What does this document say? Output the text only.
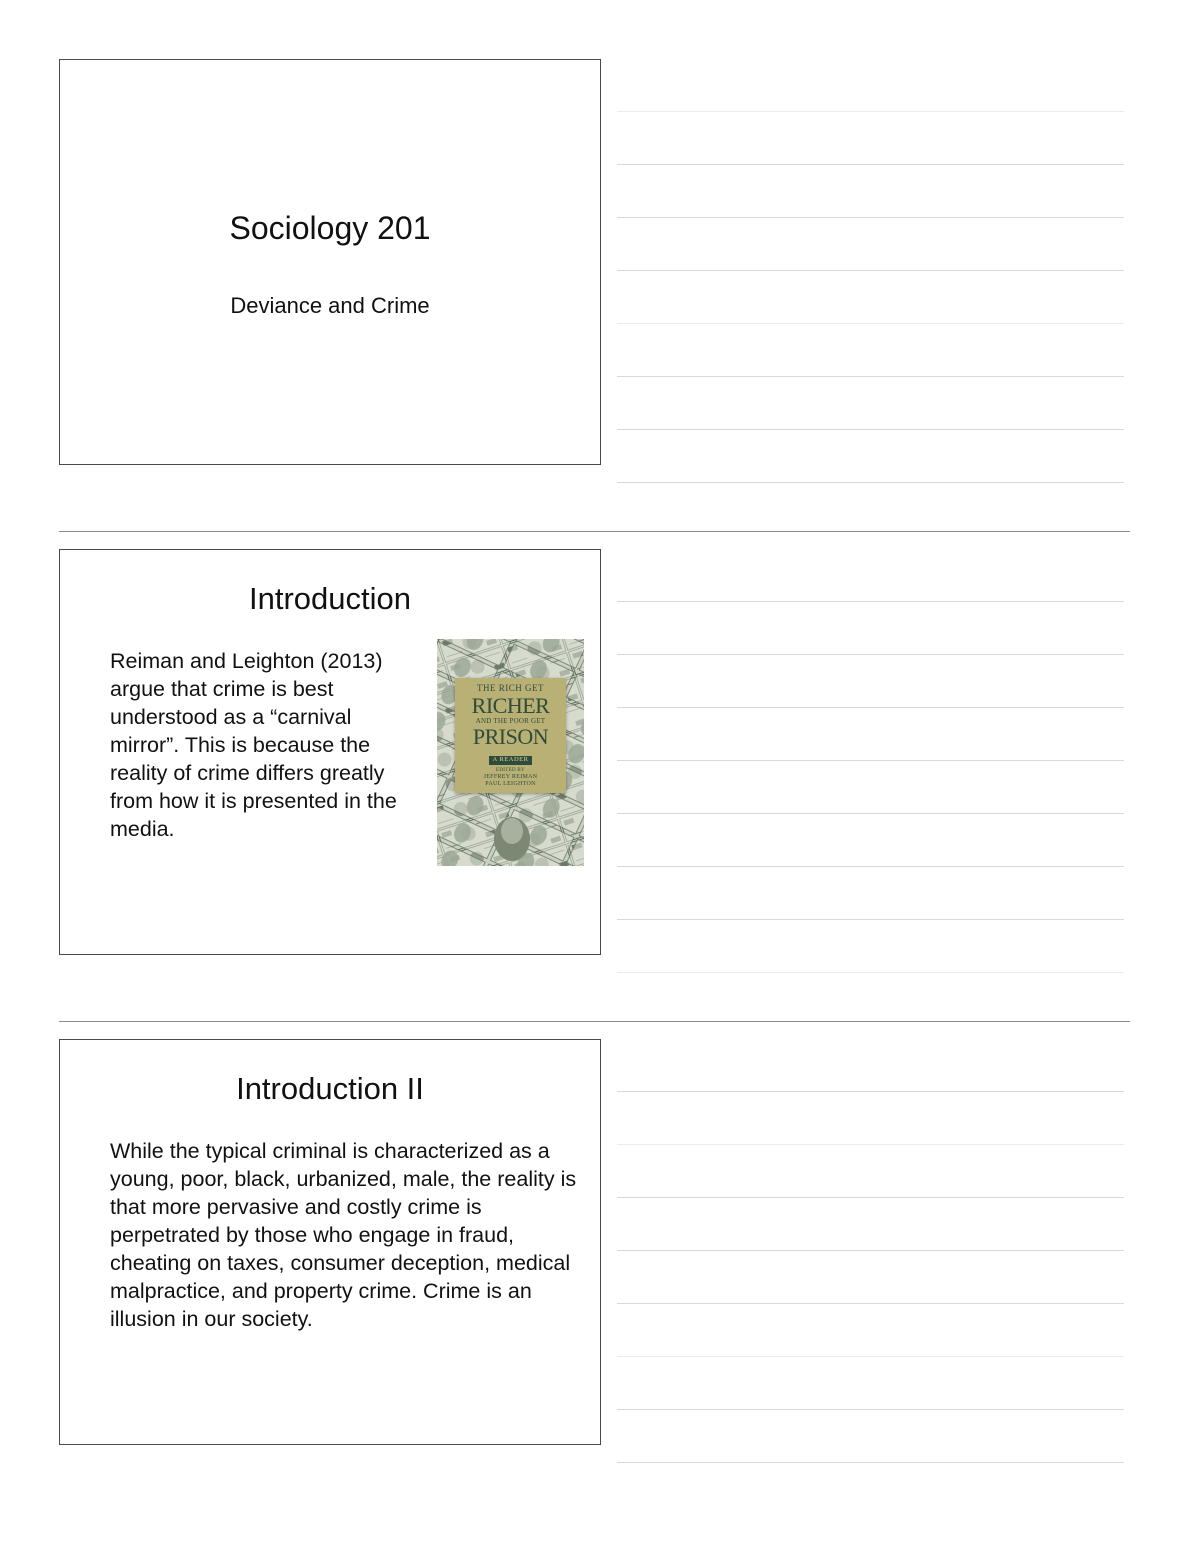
Sociology 201
Deviance and Crime
Introduction
Reiman and Leighton (2013) argue that crime is best understood as a “carnival mirror”. This is because the reality of crime differs greatly from how it is presented in the media.
THE RICH GET
RICHER
AND THE POOR GET
PRISON
A READER
EDITED BY
JEFFREY REIMAN
PAUL LEIGHTON
Introduction II
While the typical criminal is characterized as a young, poor, black, urbanized, male, the reality is that more pervasive and costly crime is perpetrated by those who engage in fraud, cheating on taxes, consumer deception, medical malpractice, and property crime. Crime is an illusion in our society.
